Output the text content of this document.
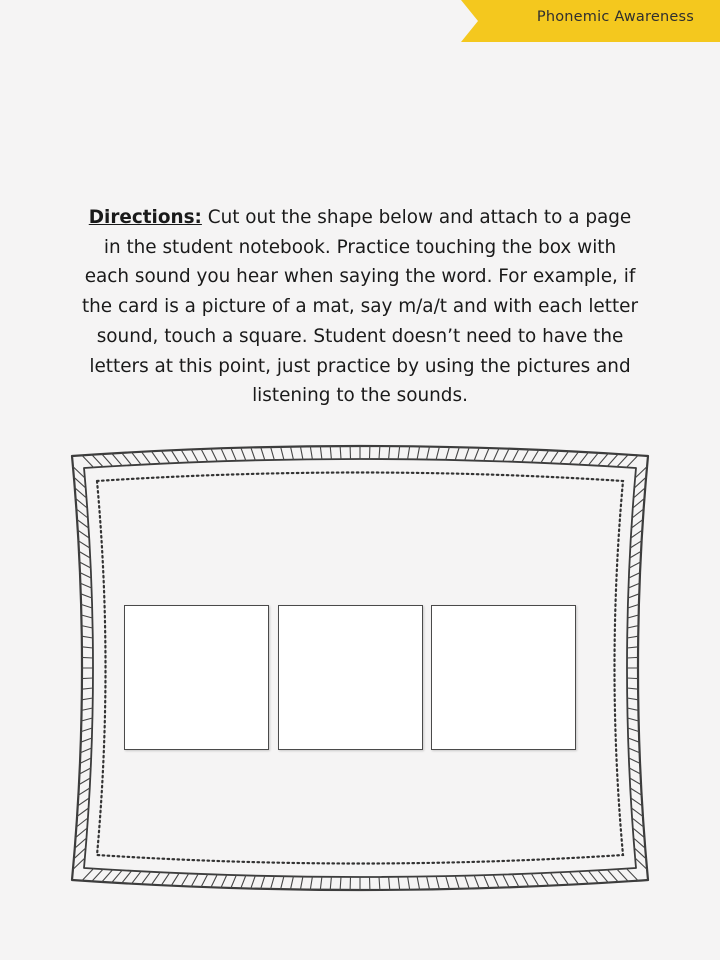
Phonemic Awareness

Directions: Cut out the shape below and attach to a page in the student notebook. Practice touching the box with each sound you hear when saying the word. For example, if the card is a picture of a mat, say m/a/t and with each letter sound, touch a square. Student doesn’t need to have the letters at this point, just practice by using the pictures and listening to the sounds.
